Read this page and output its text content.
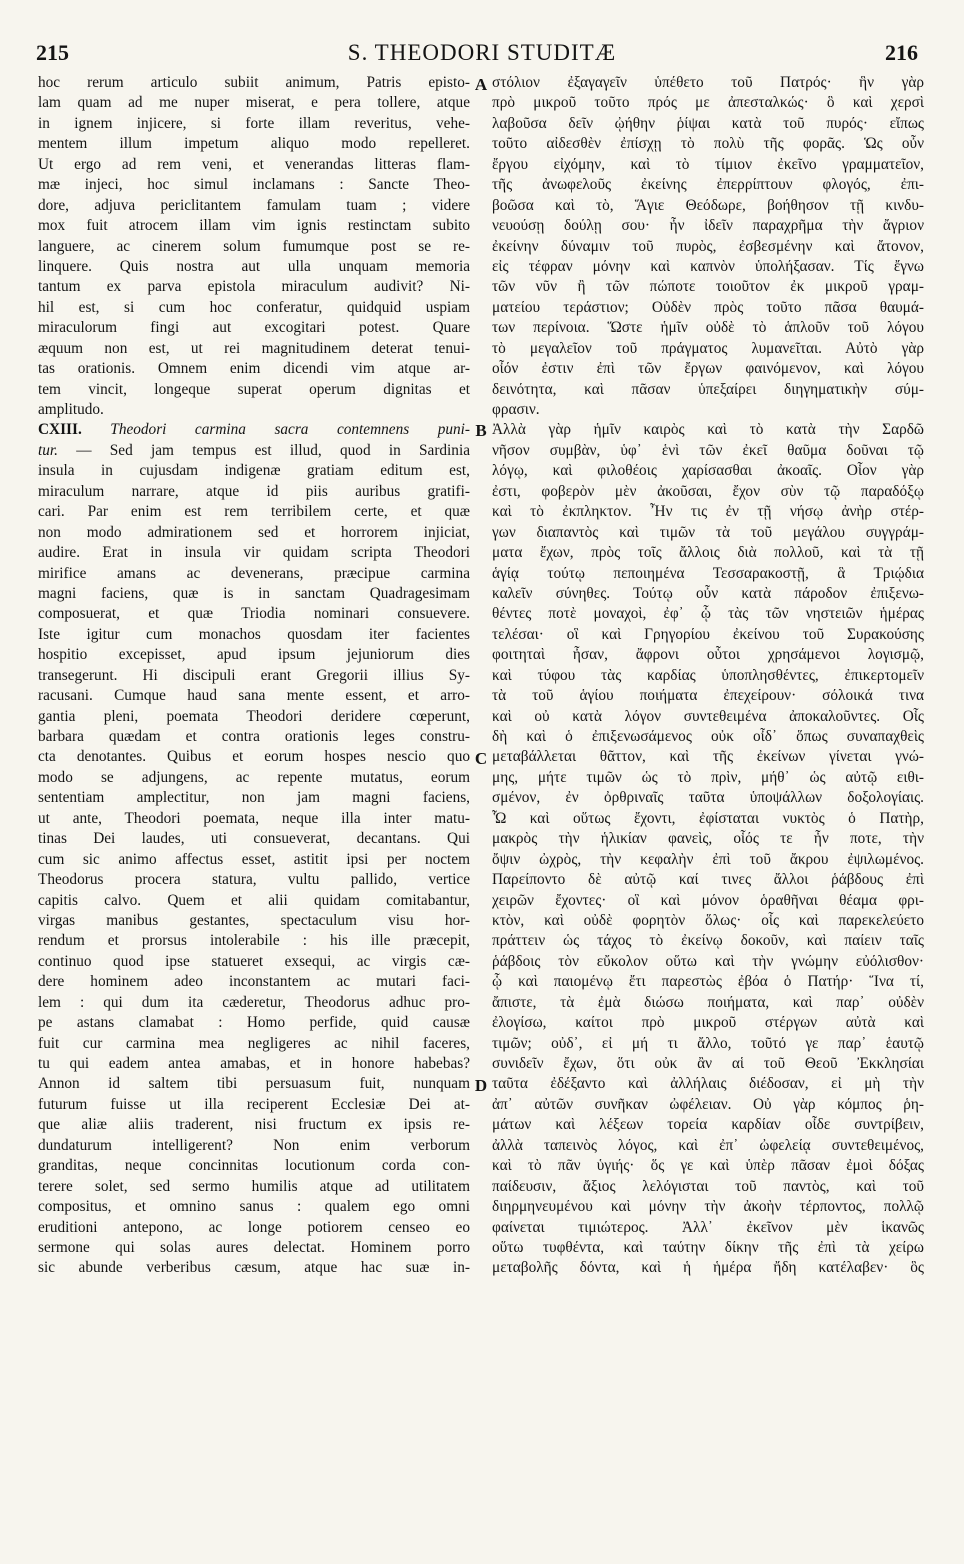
215	S. THEODORI STUDITÆ	216
A
B
C
D
hoc rerum articulo subiit animum, Patris episto-
lam quam ad me nuper miserat, e pera tollere, atque
in ignem injicere, si forte illam reveritus, vehe-
mentem illum impetum aliquo modo repelleret.
Ut ergo ad rem veni, et venerandas litteras flam-
mæ injeci, hoc simul inclamans : Sancte Theo-
dore, adjuva periclitantem famulam tuam ; videre
mox fuit atrocem illam vim ignis restinctam subito
languere, ac cinerem solum fumumque post se re-
linquere. Quis nostra aut ulla unquam memoria
tantum ex parva epistola miraculum audivit? Ni-
hil est, si cum hoc conferatur, quidquid uspiam
miraculorum fingi aut excogitari potest. Quare
æquum non est, ut rei magnitudinem deterat tenui-
tas orationis. Omnem enim dicendi vim atque ar-
tem vincit, longeque superat operum dignitas et
amplitudo.
CXIII. Theodori carmina sacra contemnens puni-
tur. — Sed jam tempus est illud, quod in Sardinia
insula in cujusdam indigenæ gratiam editum est,
miraculum narrare, atque id piis auribus gratifi-
cari. Par enim est rem terribilem certe, et quæ
non modo admirationem sed et horrorem injiciat,
audire. Erat in insula vir quidam scripta Theodori
mirifice amans ac devenerans, præcipue carmina
magni faciens, quæ is in sanctam Quadragesimam
composuerat, et quæ Triodia nominari consuevere.
Iste igitur cum monachos quosdam iter facientes
hospitio excepisset, apud ipsum jejuniorum dies
transegerunt. Hi discipuli erant Gregorii illius Sy-
racusani. Cumque haud sana mente essent, et arro-
gantia pleni, poemata Theodori deridere cœperunt,
barbara quædam et contra orationis leges constru-
cta denotantes. Quibus et eorum hospes nescio quo
modo se adjungens, ac repente mutatus, eorum
sententiam amplectitur, non jam magni faciens,
ut ante, Theodori poemata, neque illa inter matu-
tinas Dei laudes, uti consueverat, decantans. Qui
cum sic animo affectus esset, astitit ipsi per noctem
Theodorus procera statura, vultu pallido, vertice
capitis calvo. Quem et alii quidam comitabantur,
virgas manibus gestantes, spectaculum visu hor-
rendum et prorsus intolerabile : his ille præcepit,
continuo quod ipse statueret exsequi, ac virgis cæ-
dere hominem adeo inconstantem ac mutari faci-
lem : qui dum ita cæderetur, Theodorus adhuc pro-
pe astans clamabat : Homo perfide, quid causæ
fuit cur carmina mea negligeres ac nihil faceres,
tu qui eadem antea amabas, et in honore habebas?
Annon id saltem tibi persuasum fuit, nunquam
futurum fuisse ut illa reciperent Ecclesiæ Dei at-
que aliæ aliis traderent, nisi fructum ex ipsis re-
dundaturum intelligerent? Non enim verborum
granditas, neque concinnitas locutionum corda con-
terere solet, sed sermo humilis atque ad utilitatem
compositus, et omnino sanus : qualem ego omni
eruditioni antepono, ac longe potiorem censeo eo
sermone qui solas aures delectat. Hominem porro
sic abunde verberibus cæsum, atque hac suæ in-
στόλιον ἐξαγαγεῖν ὑπέθετο τοῦ Πατρός· ἣν γὰρ
πρὸ μικροῦ τοῦτο πρός με ἀπεσταλκώς· ὃ καὶ χερσὶ
λαβοῦσα δεῖν ᾠήθην ῥίψαι κατὰ τοῦ πυρός· εἴπως
τοῦτο αἰδεσθὲν ἐπίσχῃ τὸ πολὺ τῆς φορᾶς. Ὡς οὖν
ἔργου εἰχόμην, καὶ τὸ τίμιον ἐκεῖνο γραμματεῖον,
τῆς ἀνωφελοῦς ἐκείνης ἐπερρίπτουν φλογός, ἐπι-
βοῶσα καὶ τὸ, Ἅγιε Θεόδωρε, βοήθησον τῇ κινδυ-
νευούσῃ δούλῃ σου· ἦν ἰδεῖν παραχρῆμα τὴν ἄγριον
ἐκείνην δύναμιν τοῦ πυρὸς, ἐσβεσμένην καὶ ἄτονον,
εἰς τέφραν μόνην καὶ καπνὸν ὑπολήξασαν. Τίς ἔγνω
τῶν νῦν ἢ τῶν πώποτε τοιοῦτον ἐκ μικροῦ γραμ-
ματείου τεράστιον; Οὐδὲν πρὸς τοῦτο πᾶσα θαυμά-
των περίνοια. Ὥστε ἡμῖν οὐδὲ τὸ ἁπλοῦν τοῦ λόγου
τὸ μεγαλεῖον τοῦ πράγματος λυμανεῖται. Αὐτὸ γὰρ
οἶόν ἐστιν ἐπὶ τῶν ἔργων φαινόμενον, καὶ λόγου
δεινότητα, καὶ πᾶσαν ὑπεξαίρει διηγηματικὴν σύμ-
φρασιν.
Ἀλλὰ γὰρ ἡμῖν καιρὸς καὶ τὸ κατὰ τὴν Σαρδῶ
νῆσον συμβὰν, ὑφ᾽ ἑνὶ τῶν ἐκεῖ θαῦμα δοῦναι τῷ
λόγῳ, καὶ φιλοθέοις χαρίσασθαι ἀκοαῖς. Οἷον γὰρ
ἐστι, φοβερὸν μὲν ἀκοῦσαι, ἔχον σὺν τῷ παραδόξῳ
καὶ τὸ ἐκπληκτον. Ἦν τις ἐν τῇ νήσῳ ἀνὴρ στέρ-
γων διαπαντὸς καὶ τιμῶν τὰ τοῦ μεγάλου συγγράμ-
ματα ἔχων, πρὸς τοῖς ἄλλοις διὰ πολλοῦ, καὶ τὰ τῇ
ἁγίᾳ τούτῳ πεποιημένα Τεσσαρακοστῇ, ἃ Τριῴδια
καλεῖν σύνηθες. Τούτῳ οὖν κατὰ πάροδον ἐπιξενω-
θέντες ποτὲ μοναχοὶ, ἐφ᾽ ᾧ τὰς τῶν νηστειῶν ἡμέρας
τελέσαι· οἳ καὶ Γρηγορίου ἐκείνου τοῦ Συρακούσης
φοιτηταὶ ἦσαν, ἄφρονι οὗτοι χρησάμενοι λογισμῷ,
καὶ τύφου τὰς καρδίας ὑποπλησθέντες, ἐπικερτομεῖν
τὰ τοῦ ἁγίου ποιήματα ἐπεχείρουν· σόλοικά τινα
καὶ οὐ κατὰ λόγον συντεθειμένα ἀποκαλοῦντες. Οἷς
δὴ καὶ ὁ ἐπιξενωσάμενος οὐκ οἶδ᾽ ὅπως συναπαχθεὶς
μεταβάλλεται θᾶττον, καὶ τῆς ἐκείνων γίνεται γνώ-
μης, μήτε τιμῶν ὡς τὸ πρὶν, μήθ᾽ ὡς αὐτῷ ειθι-
σμένον, ἐν ὀρθριναῖς ταῦτα ὑποψάλλων δοξολογίαις.
Ὧ καὶ οὕτως ἔχοντι, ἐφίσταται νυκτὸς ὁ Πατὴρ,
μακρὸς τὴν ἡλικίαν φανεὶς, οἷός τε ἦν ποτε, τὴν
ὄψιν ὠχρὸς, τὴν κεφαλὴν ἐπὶ τοῦ ἄκρου ἐψιλωμένος.
Παρείποντο δὲ αὐτῷ καί τινες ἄλλοι ῥάβδους ἐπὶ
χειρῶν ἔχοντες· οἳ καὶ μόνον ὁραθῆναι θέαμα φρι-
κτὸν, καὶ οὐδὲ φορητὸν ὅλως· οἷς καὶ παρεκελεύετο
πράττειν ὡς τάχος τὸ ἐκείνῳ δοκοῦν, καὶ παίειν ταῖς
ῥάβδοις τὸν εὔκολον οὕτω καὶ τὴν γνώμην εὐόλισθον·
ᾧ καὶ παιομένῳ ἔτι παρεστὼς ἐβόα ὁ Πατήρ· Ἵνα τί,
ἄπιστε, τὰ ἐμὰ διώσω ποιήματα, καὶ παρ᾽ οὐδὲν
ἐλογίσω, καίτοι πρὸ μικροῦ στέργων αὐτὰ καὶ
τιμῶν; οὐδ᾽, εἰ μή τι ἄλλο, τοῦτό γε παρ᾽ ἑαυτῷ
συνιδεῖν ἔχων, ὅτι οὐκ ἂν αἱ τοῦ Θεοῦ Ἐκκλησίαι
ταῦτα ἐδέξαντο καὶ ἀλλήλαις διέδοσαν, εἰ μὴ τὴν
ἀπ᾽ αὐτῶν συνῆκαν ὠφέλειαν. Οὐ γὰρ κόμπος ῥη-
μάτων καὶ λέξεων τορεία καρδίαν οἶδε συντρίβειν,
ἀλλὰ ταπεινὸς λόγος, καὶ ἐπ᾽ ὠφελείᾳ συντεθειμένος,
καὶ τὸ πᾶν ὑγιής· ὅς γε καὶ ὑπὲρ πᾶσαν ἐμοὶ δόξας
παίδευσιν, ἄξιος λελόγισται τοῦ παντὸς, καὶ τοῦ
διηρμηνευμένου καὶ μόνην τὴν ἀκοὴν τέρποντος, πολλῷ
φαίνεται τιμιώτερος. Ἀλλ᾽ ἐκεῖνον μὲν ἱκανῶς
οὕτω τυφθέντα, καὶ ταύτην δίκην τῆς ἐπὶ τὰ χείρω
μεταβολῆς δόντα, καὶ ἡ ἡμέρα ἤδη κατέλαβεν· ὃς
